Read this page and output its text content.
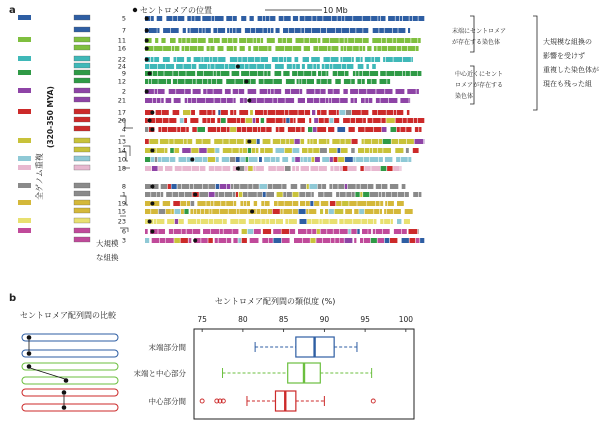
a	セントロメアの位置	10 Mb
全ゲノム重複
(320-350 MYA)
大規模
な組換
末端にセントロメア
が存在する染色体
中心近くにセント
ロメアが存在する
染色体
大規模な組換の
影響を受けず
重複した染色体が
現在も残った組
5
7
11
16
22
24
9
12
2
21
17
20
4
13
14
10
18
8
1
19
15
23
6
3
b
セントロメア配列間の比較
セントロメア配列間の類似度 (%)
75	80	85	90	95	100
末端部分間
末端と中心部分
中心部分間
